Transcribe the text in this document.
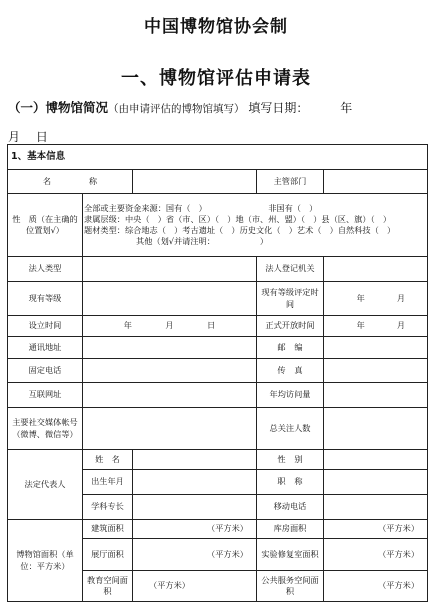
中国博物馆协会制
一、博物馆评估申请表
（一）博物馆简况（由申请评估的博物馆填写） 填写日期：	年
月 日
1、基本信息				

名 称			主管部门	
性　质（在主确的位置划√）	全部或主要资金来源：国有（　）　　　　　　　　非国有（　）
隶属层级：中央（　）省（市、区）（　）地（市、州、盟）（　）县（区、旗）（　）
题材类型：综合地志（　）考古遗址（　）历史文化（　）艺术（　）自然科技（　）
其他（划√并请注明：　　　　　　）			

法人类型			法人登记机关	
现有等级			现有等级评定时间	年 月

设立时间	年 月 日		正式开放时间	年 月

通讯地址			邮 编	

固定电话			传 真	

互联网址			年均访问量	
主要社交媒体帐号（微博、微信等）			总关注人数	
法定代表人	姓 名		性 别	

	出生年月		职 称	

	学科专长		移动电话	
博物馆面积（单位：平方米）	建筑面积	（平方米）	库房面积	（平方米）
	展厅面积	（平方米）	实验修复室面积	（平方米）
	教育空间面积	（平方米）	公共服务空间面积	（平方米）
